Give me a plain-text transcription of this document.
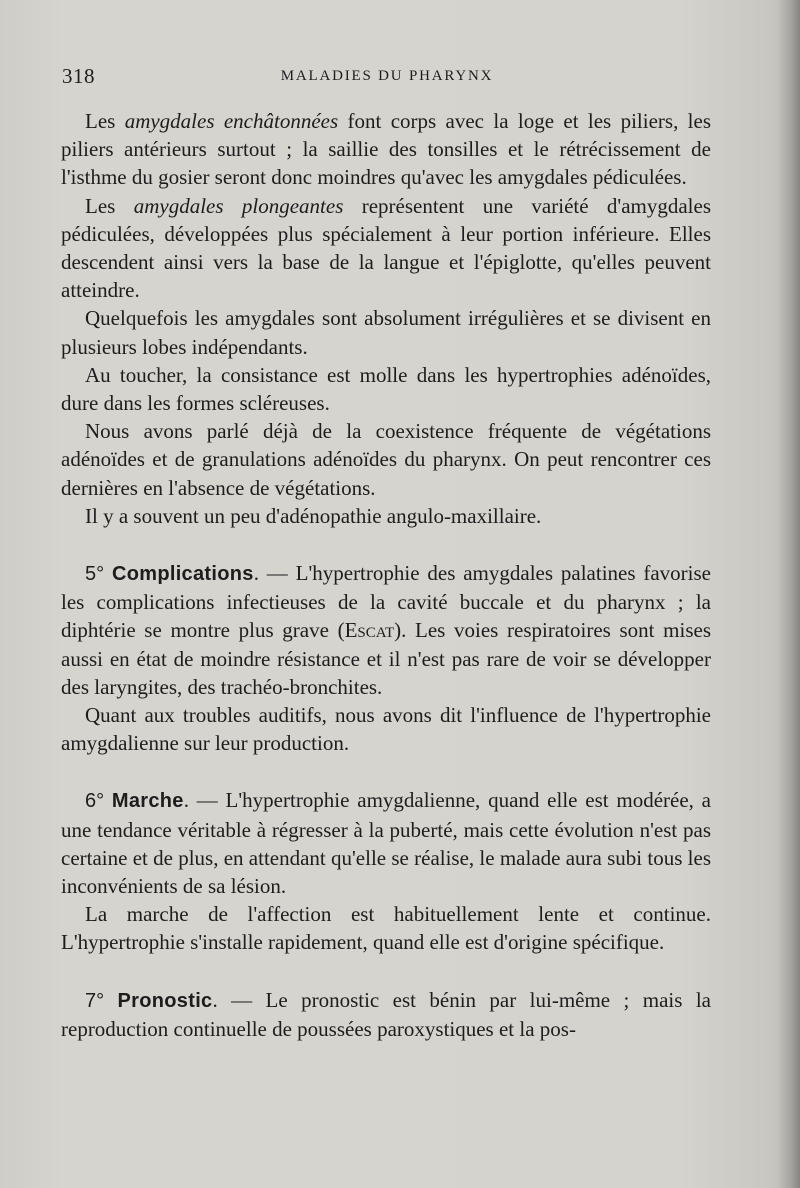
318	MALADIES DU PHARYNX

Les amygdales enchâtonnées font corps avec la loge et les piliers, les piliers antérieurs surtout ; la saillie des tonsilles et le rétrécissement de l'isthme du gosier seront donc moindres qu'avec les amygdales pédiculées.

Les amygdales plongeantes représentent une variété d'amygdales pédiculées, développées plus spécialement à leur portion inférieure. Elles descendent ainsi vers la base de la langue et l'épiglotte, qu'elles peuvent atteindre.

Quelquefois les amygdales sont absolument irrégulières et se divisent en plusieurs lobes indépendants.

Au toucher, la consistance est molle dans les hypertrophies adénoïdes, dure dans les formes scléreuses.

Nous avons parlé déjà de la coexistence fréquente de végétations adénoïdes et de granulations adénoïdes du pharynx. On peut rencontrer ces dernières en l'absence de végétations.

Il y a souvent un peu d'adénopathie angulo-maxillaire.

5° Complications. — L'hypertrophie des amygdales palatines favorise les complications infectieuses de la cavité buccale et du pharynx ; la diphtérie se montre plus grave (Escat). Les voies respiratoires sont mises aussi en état de moindre résistance et il n'est pas rare de voir se développer des laryngites, des trachéo-bronchites.

Quant aux troubles auditifs, nous avons dit l'influence de l'hypertrophie amygdalienne sur leur production.

6° Marche. — L'hypertrophie amygdalienne, quand elle est modérée, a une tendance véritable à régresser à la puberté, mais cette évolution n'est pas certaine et de plus, en attendant qu'elle se réalise, le malade aura subi tous les inconvénients de sa lésion.

La marche de l'affection est habituellement lente et continue. L'hypertrophie s'installe rapidement, quand elle est d'origine spécifique.

7° Pronostic. — Le pronostic est bénin par lui-même ; mais la reproduction continuelle de poussées paroxystiques et la pos-
